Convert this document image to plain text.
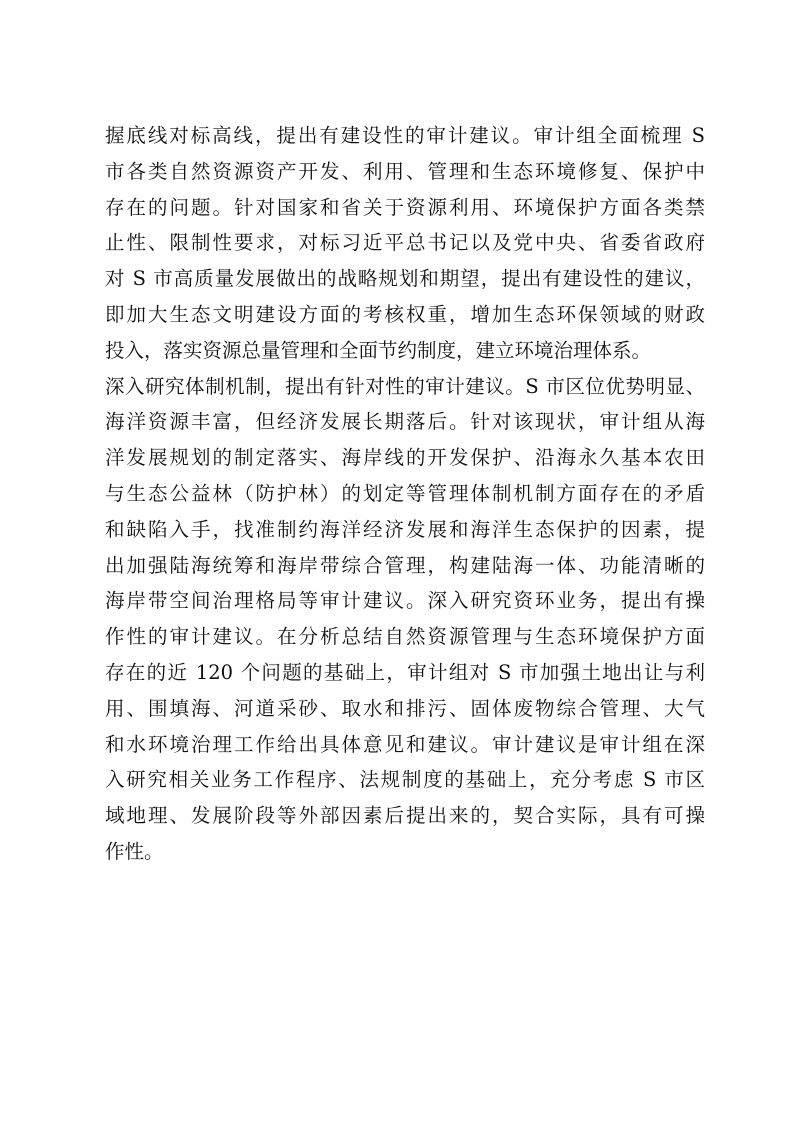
握底线对标高线，提出有建设性的审计建议。审计组全面梳理 S
市各类自然资源资产开发、利用、管理和生态环境修复、保护中
存在的问题。针对国家和省关于资源利用、环境保护方面各类禁
止性、限制性要求，对标习近平总书记以及党中央、省委省政府
对 S 市高质量发展做出的战略规划和期望，提出有建设性的建议，
即加大生态文明建设方面的考核权重，增加生态环保领域的财政
投入，落实资源总量管理和全面节约制度，建立环境治理体系。
深入研究体制机制，提出有针对性的审计建议。S 市区位优势明显、
海洋资源丰富，但经济发展长期落后。针对该现状，审计组从海
洋发展规划的制定落实、海岸线的开发保护、沿海永久基本农田
与生态公益林（防护林）的划定等管理体制机制方面存在的矛盾
和缺陷入手，找准制约海洋经济发展和海洋生态保护的因素，提
出加强陆海统筹和海岸带综合管理，构建陆海一体、功能清晰的
海岸带空间治理格局等审计建议。深入研究资环业务，提出有操
作性的审计建议。在分析总结自然资源管理与生态环境保护方面
存在的近 120 个问题的基础上，审计组对 S 市加强土地出让与利
用、围填海、河道采砂、取水和排污、固体废物综合管理、大气
和水环境治理工作给出具体意见和建议。审计建议是审计组在深
入研究相关业务工作程序、法规制度的基础上，充分考虑 S 市区
域地理、发展阶段等外部因素后提出来的，契合实际，具有可操
作性。
